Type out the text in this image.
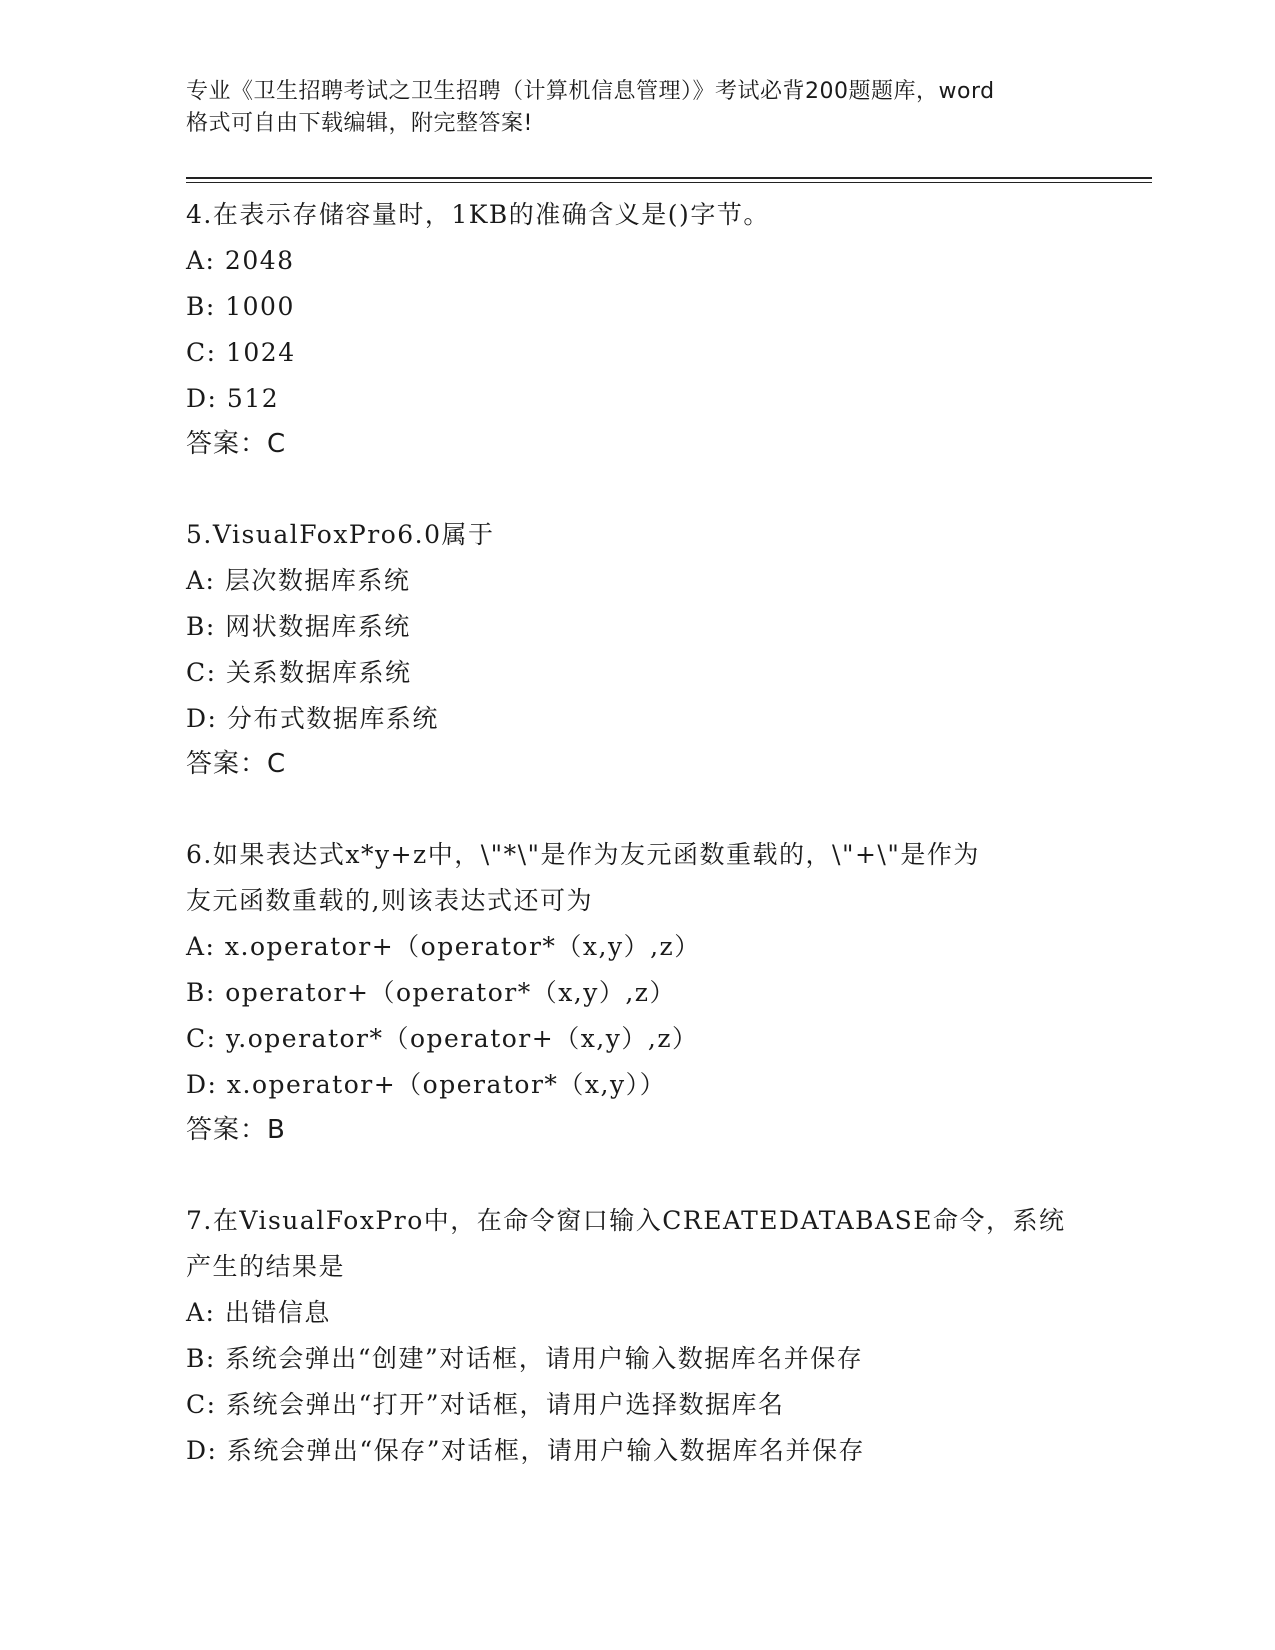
专业《卫生招聘考试之卫生招聘（计算机信息管理）》考试必背200题题库，word
格式可自由下载编辑，附完整答案!
4.在表示存储容量时，1KB的准确含义是()字节。
A: 2048
B: 1000
C: 1024
D: 512
答案：C
5.VisualFoxPro6.0属于
A: 层次数据库系统
B: 网状数据库系统
C: 关系数据库系统
D: 分布式数据库系统
答案：C
6.如果表达式x*y+z中，\"*\"是作为友元函数重载的，\"+\"是作为
友元函数重载的,则该表达式还可为
A: x.operator+（operator*（x,y）,z）
B: operator+（operator*（x,y）,z）
C: y.operator*（operator+（x,y）,z）
D: x.operator+（operator*（x,y））
答案：B
7.在VisualFoxPro中，在命令窗口输入CREATEDATABASE命令，系统
产生的结果是
A: 出错信息
B: 系统会弹出“创建”对话框，请用户输入数据库名并保存
C: 系统会弹出“打开”对话框，请用户选择数据库名
D: 系统会弹出“保存”对话框，请用户输入数据库名并保存
